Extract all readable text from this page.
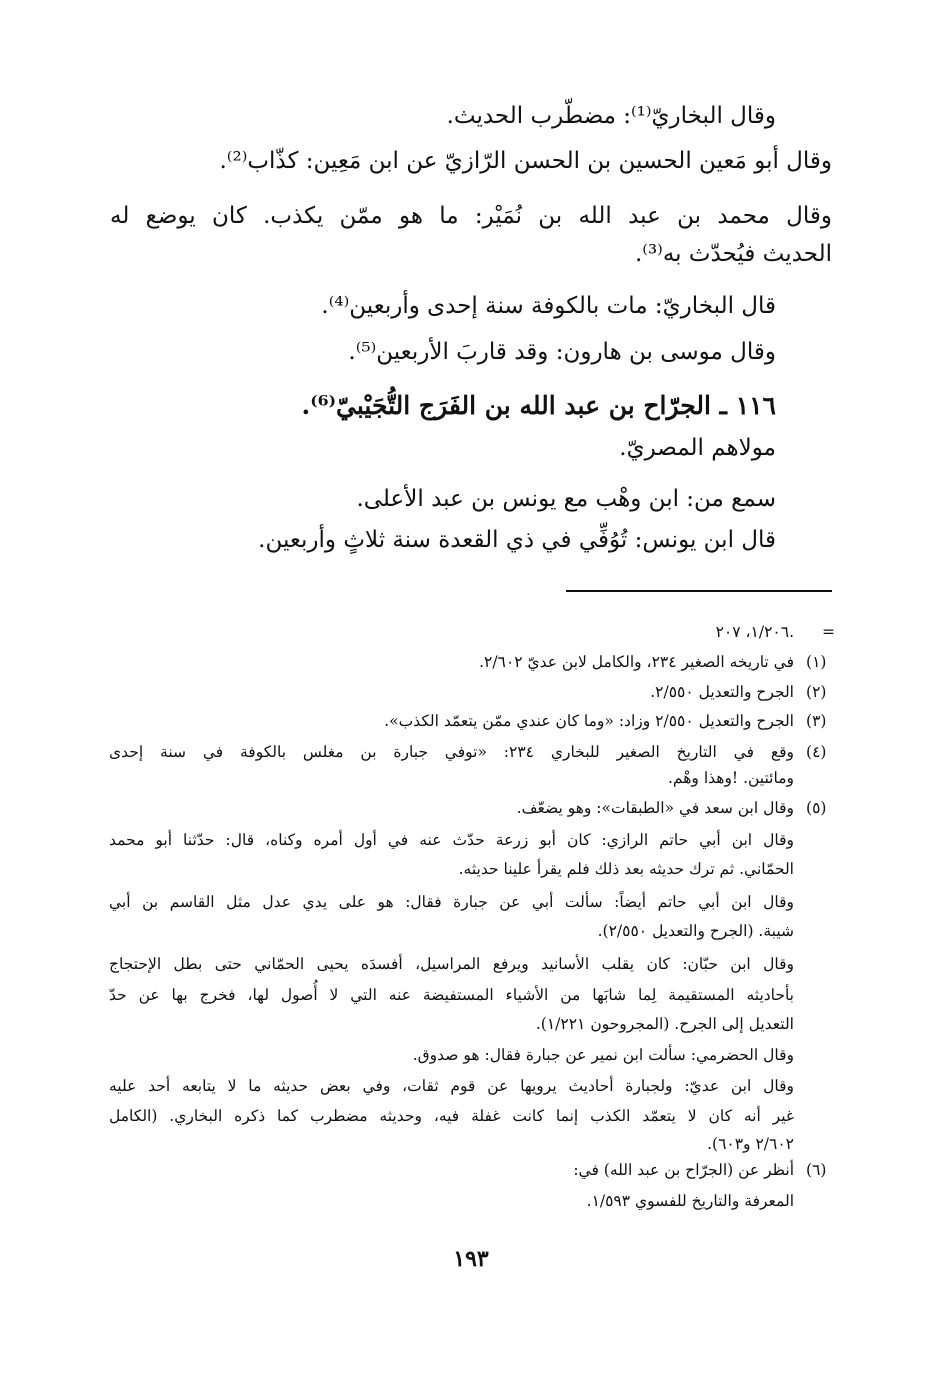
وقال البخاريّ⁽¹⁾: مضطّرب الحديث.
وقال أبو مَعين الحسين بن الحسن الرّازيّ عن ابن مَعِين: كذّاب⁽²⁾.
وقال محمد بن عبد الله بن نُمَيْر: ما هو ممّن يكذب. كان يوضع له
الحديث فيُحدّث به⁽³⁾.
قال البخاريّ: مات بالكوفة سنة إحدى وأربعين⁽⁴⁾.
وقال موسى بن هارون: وقد قاربَ الأربعين⁽⁵⁾.
١١٦ ـ الجرّاح بن عبد الله بن الفَرَج التُّجَيْبيّ⁽⁶⁾.
مولاهم المصريّ.
سمع من: ابن وهْب مع يونس بن عبد الأعلى.
قال ابن يونس: تُوُفِّي في ذي القعدة سنة ثلاثٍ وأربعين.
=
١/٢٠٦، ٢٠٧.
(١)
في تاريخه الصغير ٢٣٤، والكامل لابن عديّ ٢/٦٠٢.
(٢)
الجرح والتعديل ٢/٥٥٠.
(٣)
الجرح والتعديل ٢/٥٥٠ وزاد: «وما كان عندي ممّن يتعمّد الكذب».
(٤)
وقع في التاريخ الصغير للبخاري ٢٣٤: «توفي جبارة بن مغلس بالكوفة في سنة إحدى
ومائتين. !وهذا وهْم.
(٥)
وقال ابن سعد في «الطبقات»: وهو يضعّف.
وقال ابن أبي حاتم الرازي: كان أبو زرعة حدّث عنه في أول أمره وكناه، قال: حدّثنا أبو محمد
الحمّاني. ثم ترك حديثه بعد ذلك فلم يقرأ علينا حديثه.
وقال ابن أبي حاتم أيضاً: سألت أبي عن جبارة فقال: هو على يدي عدل مثل القاسم بن أبي
شيبة. (الجرح والتعديل ٢/٥٥٠).
وقال ابن حبّان: كان يقلب الأسانيد ويرفع المراسيل، أفسدَه يحيى الحمّاني حتى بطل الإحتجاج
بأحاديثه المستقيمة لِما شابَها من الأشياء المستفيضة عنه التي لا أُصول لها، فخرج بها عن حدّ
التعديل إلى الجرح. (المجروحون ١/٢٢١).
وقال الحضرمي: سألت ابن نمير عن جبارة فقال: هو صدوق.
وقال ابن عديّ: ولجبارة أحاديث يرويها عن قوم ثقات، وفي بعض حديثه ما لا يتابعه أحد عليه
غير أنه كان لا يتعمّد الكذب إنما كانت غفلة فيه، وحديثه مضطرب كما ذكره البخاري. (الكامل
٢/٦٠٢ و٦٠٣).
(٦)
أنظر عن (الجرّاح بن عبد الله) في:
المعرفة والتاريخ للفسوي ١/٥٩٣.
١٩٣
